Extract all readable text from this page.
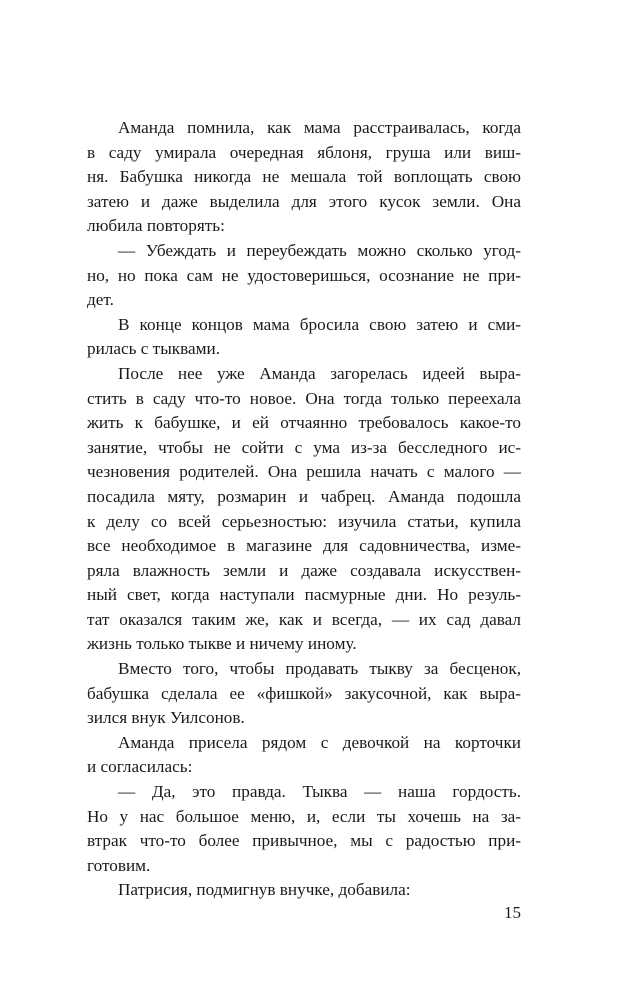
Аманда помнила, как мама расстраивалась, когда
в саду умирала очередная яблоня, груша или виш-
ня. Бабушка никогда не мешала той воплощать свою
затею и даже выделила для этого кусок земли. Она
любила повторять:
— Убеждать и переубеждать можно сколько угод-
но, но пока сам не удостоверишься, осознание не при-
дет.
В конце концов мама бросила свою затею и сми-
рилась с тыквами.
После нее уже Аманда загорелась идеей выра-
стить в саду что-то новое. Она тогда только переехала
жить к бабушке, и ей отчаянно требовалось какое-то
занятие, чтобы не сойти с ума из-за бесследного ис-
чезновения родителей. Она решила начать с малого —
посадила мяту, розмарин и чабрец. Аманда подошла
к делу со всей серьезностью: изучила статьи, купила
все необходимое в магазине для садовничества, изме-
ряла влажность земли и даже создавала искусствен-
ный свет, когда наступали пасмурные дни. Но резуль-
тат оказался таким же, как и всегда, — их сад давал
жизнь только тыкве и ничему иному.
Вместо того, чтобы продавать тыкву за бесценок,
бабушка сделала ее «фишкой» закусочной, как выра-
зился внук Уилсонов.
Аманда присела рядом с девочкой на корточки
и согласилась:
— Да, это правда. Тыква — наша гордость.
Но у нас большое меню, и, если ты хочешь на за-
втрак что-то более привычное, мы с радостью при-
готовим.
Патрисия, подмигнув внучке, добавила:
15
